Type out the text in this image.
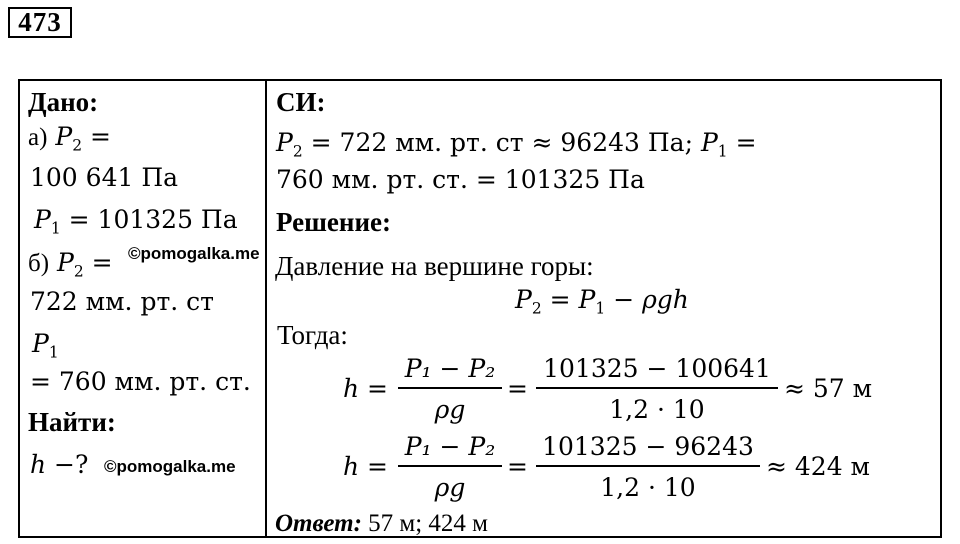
473
Дано:
а) $P_2$ =
100 641 Па
$P_1 = 101325$ Па
б) $P_2$ = ©pomogalka.me
722 мм. рт. ст
$P_1$
= 760 мм. рт. ст.
Найти:
h −? ©pomogalka.me
СИ:
$P_2 = 722$ мм. рт. ст ≈ 96243 Па; $P_1$ =
760 мм. рт. ст. = 101325 Па
Решение:
Давление на вершине горы:
$P_2 = P_1 - \rho gh$
Тогда:
h =
P₁ − P₂
ρg
=
101325 − 100641
1,2 · 10
≈ 57 м
h =
P₁ − P₂
ρg
=
101325 − 96243
1,2 · 10
≈ 424 м
Ответ: 57 м; 424 м
